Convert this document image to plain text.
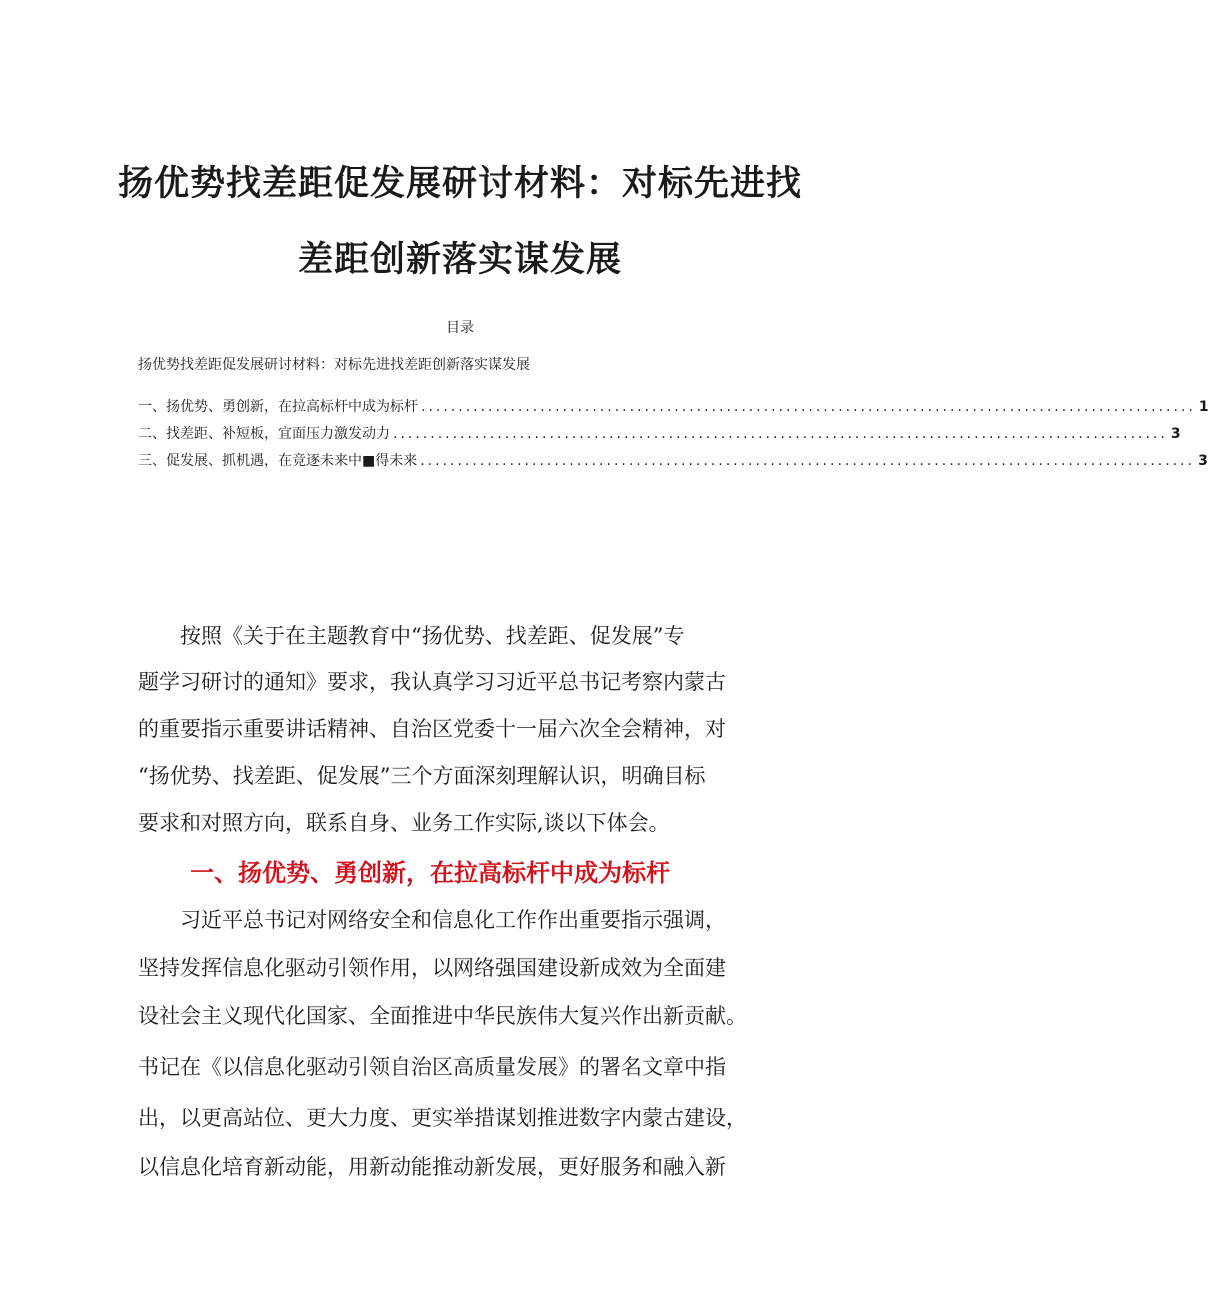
扬优势找差距促发展研讨材料：对标先进找
差距创新落实谋发展
目录
扬优势找差距促发展研讨材料：对标先进找差距创新落实谋发展
一、扬优势、勇创新，在拉高标杆中成为标杆 ........................................................................................................ 1
二、找差距、补短板，宜面压力激发动力 ........................................................................................................ 3
三、促发展、抓机遇，在竞逐未来中■得未来 ........................................................................................................ 3
　　按照《关于在主题教育中“扬优势、找差距、促发展”专
题学习研讨的通知》要求，我认真学习习近平总书记考察内蒙古
的重要指示重要讲话精神、自治区党委十一届六次全会精神，对
“扬优势、找差距、促发展”三个方面深刻理解认识，明确目标
要求和对照方向，联系自身、业务工作实际,谈以下体会。
一、扬优势、勇创新，在拉高标杆中成为标杆
　　习近平总书记对网络安全和信息化工作作出重要指示强调，
坚持发挥信息化驱动引领作用，以网络强国建设新成效为全面建
设社会主义现代化国家、全面推进中华民族伟大复兴作出新贡献。
书记在《以信息化驱动引领自治区高质量发展》的署名文章中指
出，以更高站位、更大力度、更实举措谋划推进数字内蒙古建设，
以信息化培育新动能，用新动能推动新发展，更好服务和融入新
